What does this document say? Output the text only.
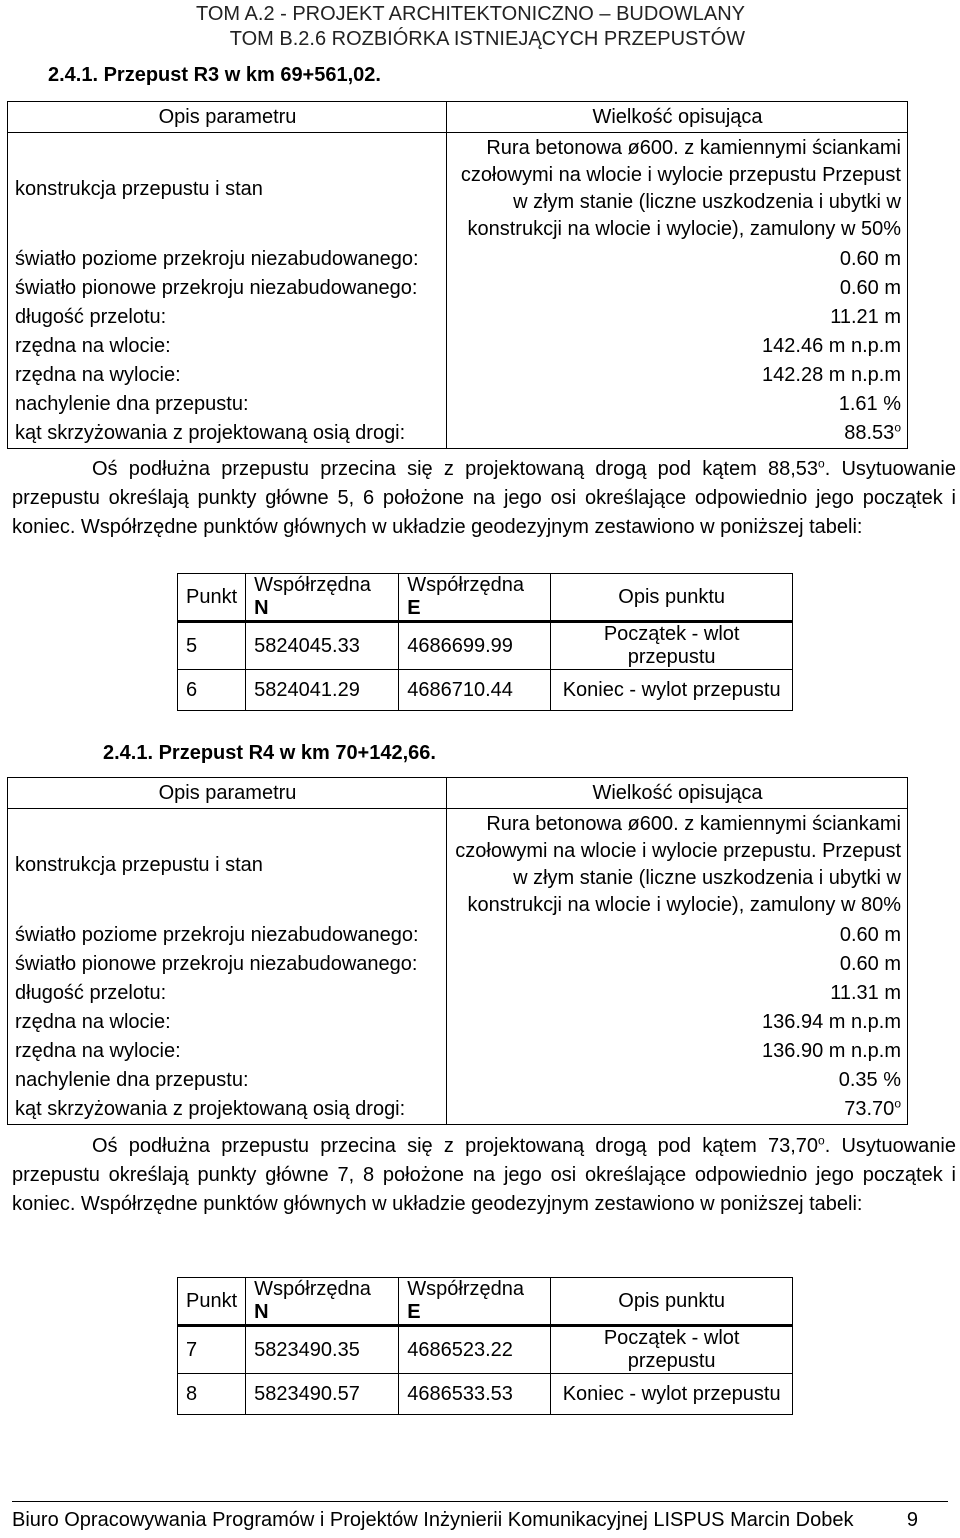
TOM A.2 - PROJEKT ARCHITEKTONICZNO – BUDOWLANY
TOM B.2.6 ROZBIÓRKA ISTNIEJĄCYCH PRZEPUSTÓW
2.4.1. Przepust R3 w km 69+561,02.
Opis parametru	Wielkość opisująca
konstrukcja przepustu i stan	Rura betonowa ø600. z kamiennymi ściankami
czołowymi na wlocie i wylocie przepustu Przepust
w złym stanie (liczne uszkodzenia i ubytki w
konstrukcji na wlocie i wylocie), zamulony w 50%

światło poziome przekroju niezabudowanego:	0.60 m
światło pionowe przekroju niezabudowanego:	0.60 m
długość przelotu:	11.21 m
rzędna na wlocie:	142.46 m n.p.m
rzędna na wylocie:	142.28 m n.p.m
nachylenie dna przepustu:	1.61 %
kąt skrzyżowania z projektowaną osią drogi:	88.53$^o$
Oś podłużna przepustu przecina się z projektowaną drogą pod kątem 88,53$^o$. Usytuowanie przepustu określają punkty główne 5, 6 położone na jego osi określające odpowiednio jego początek i koniec. Współrzędne punktów głównych w układzie geodezyjnym zestawiono w poniższej tabeli:
Punkt	Współrzędna N	Współrzędna E	Opis punktu
5	5824045.33	4686699.99	Początek - wlot przepustu
6	5824041.29	4686710.44	Koniec - wylot przepustu
2.4.1. Przepust R4 w km 70+142,66.
Opis parametru	Wielkość opisująca
konstrukcja przepustu i stan	Rura betonowa ø600. z kamiennymi ściankami
czołowymi na wlocie i wylocie przepustu. Przepust
w złym stanie (liczne uszkodzenia i ubytki w
konstrukcji na wlocie i wylocie), zamulony w 80%

światło poziome przekroju niezabudowanego:	0.60 m
światło pionowe przekroju niezabudowanego:	0.60 m
długość przelotu:	11.31 m
rzędna na wlocie:	136.94 m n.p.m
rzędna na wylocie:	136.90 m n.p.m
nachylenie dna przepustu:	0.35 %
kąt skrzyżowania z projektowaną osią drogi:	73.70$^o$
Oś podłużna przepustu przecina się z projektowaną drogą pod kątem 73,70$^o$. Usytuowanie przepustu określają punkty główne 7, 8 położone na jego osi określające odpowiednio jego początek i koniec. Współrzędne punktów głównych w układzie geodezyjnym zestawiono w poniższej tabeli:
Punkt	Współrzędna N	Współrzędna E	Opis punktu
7	5823490.35	4686523.22	Początek - wlot przepustu
8	5823490.57	4686533.53	Koniec - wylot przepustu
Biuro Opracowywania Programów i Projektów Inżynierii Komunikacyjnej LISPUS Marcin Dobek	9
